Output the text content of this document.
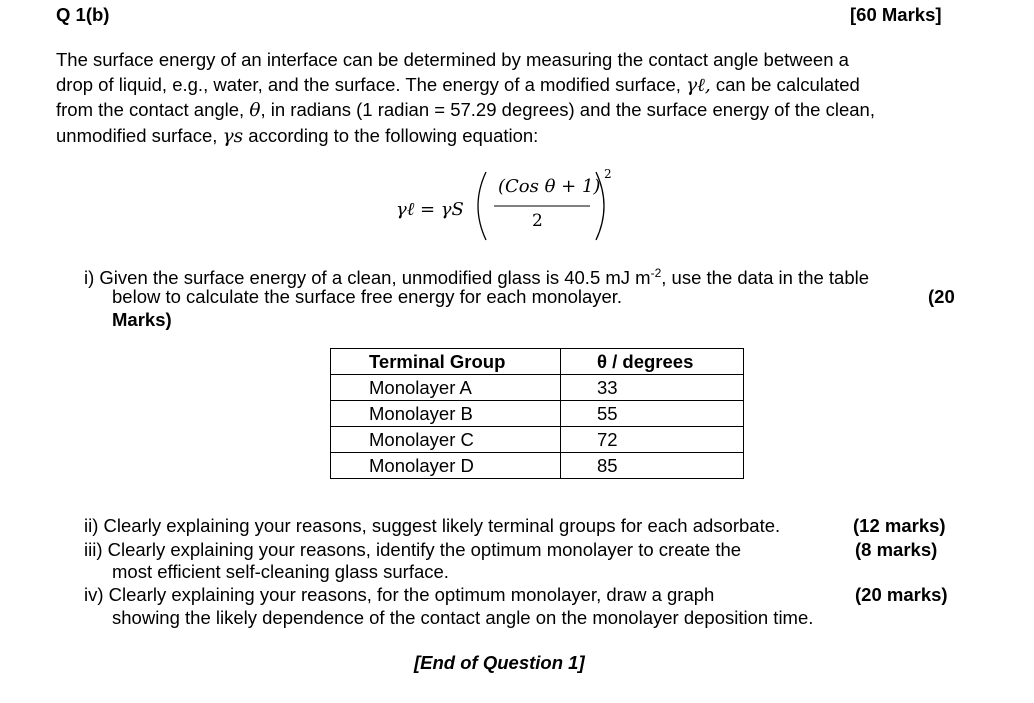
Q 1(b)	[60 Marks]
The surface energy of an interface can be determined by measuring the contact angle between a
drop of liquid, e.g., water, and the surface. The energy of a modified surface, γℓ, can be calculated
from the contact angle, θ, in radians (1 radian = 57.29 degrees) and the surface energy of the clean,
unmodified surface, γs according to the following equation:
γℓ = γS
(Cos θ + 1)
2
2
i) Given the surface energy of a clean, unmodified glass is 40.5 mJ $m^{-2}$, use the data in the table
below to calculate the surface free energy for each monolayer.	(20
Marks)
Terminal Group	θ / degrees
Monolayer A	33
Monolayer B	55
Monolayer C	72
Monolayer D	85
ii) Clearly explaining your reasons, suggest likely terminal groups for each adsorbate.	(12 marks)
iii) Clearly explaining your reasons, identify the optimum monolayer to create the	(8 marks)
most efficient self-cleaning glass surface.
iv) Clearly explaining your reasons, for the optimum monolayer, draw a graph	(20 marks)
showing the likely dependence of the contact angle on the monolayer deposition time.
[End of Question 1]
